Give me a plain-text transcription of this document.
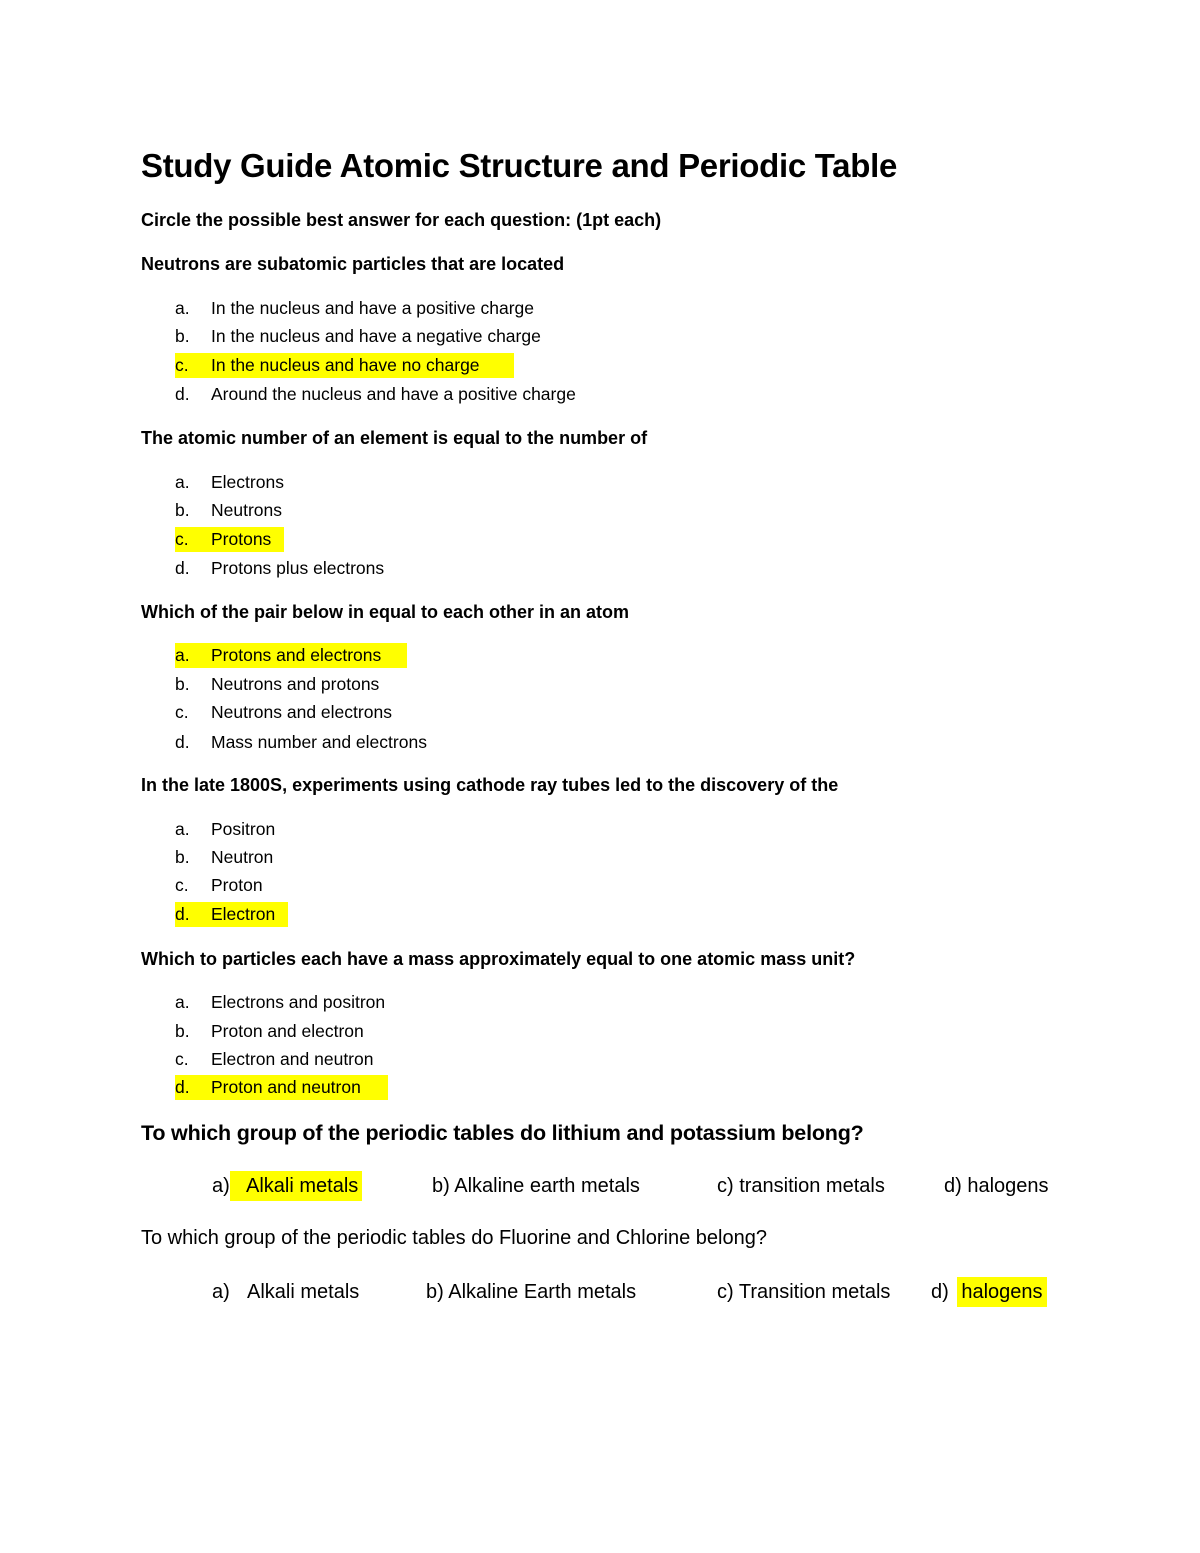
Study Guide Atomic Structure and Periodic Table
Circle the possible best answer for each question: (1pt each)
Neutrons are subatomic particles that are located
a. In the nucleus and have a positive charge
b. In the nucleus and have a negative charge
c. In the nucleus and have no charge
d. Around the nucleus and have a positive charge
The atomic number of an element is equal to the number of
a. Electrons
b. Neutrons
c. Protons
d. Protons plus electrons
Which of the pair below in equal to each other in an atom
a. Protons and electrons
b. Neutrons and protons
c. Neutrons and electrons
d. Mass number and electrons
In the late 1800S, experiments using cathode ray tubes led to the discovery of the
a. Positron
b. Neutron
c. Proton
d. Electron
Which to particles each have a mass approximately equal to one atomic mass unit?
a. Electrons and positron
b. Proton and electron
c. Electron and neutron
d. Proton and neutron
To which group of the periodic tables do lithium and potassium belong?
a) Alkali metals	b) Alkaline earth metals	c) transition metals	d) halogens
To which group of the periodic tables do Fluorine and Chlorine belong?
a) Alkali metals	b) Alkaline Earth metals	c) Transition metals d) halogens
